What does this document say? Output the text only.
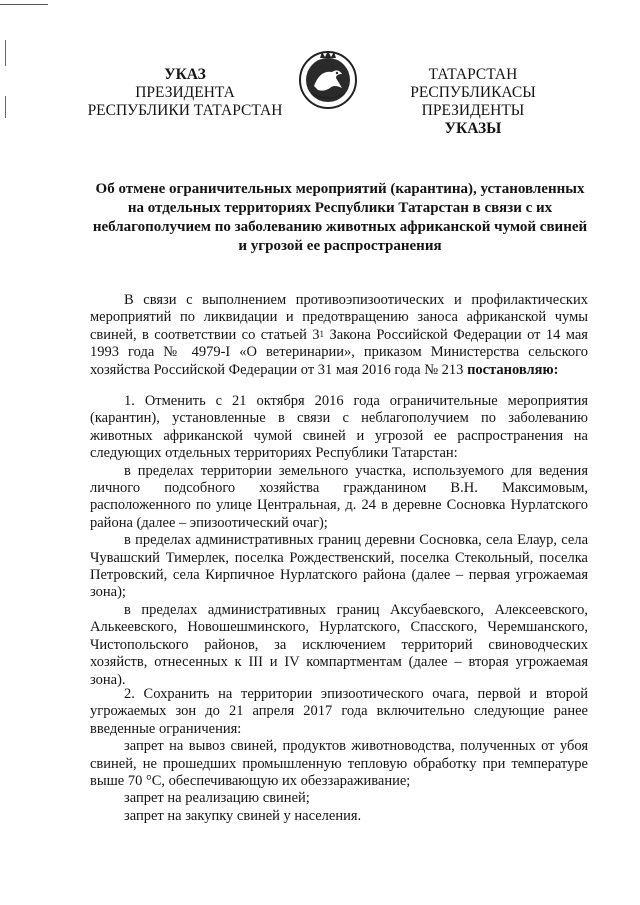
УКАЗ
ПРЕЗИДЕНТА
РЕСПУБЛИКИ ТАТАРСТАН
ТАТАРСТАН РЕСПУБЛИКАСЫ
ПРЕЗИДЕНТЫ
УКАЗЫ
Об отмене ограничительных мероприятий (карантина), установленных на отдельных территориях Республики Татарстан в связи с их неблагополучием по заболеванию животных африканской чумой свиней и угрозой ее распространения

В связи с выполнением противоэпизоотических и профилактических мероприятий по ликвидации и предотвращению заноса африканской чумы свиней, в соответствии со статьей $3^1$ Закона Российской Федерации от 14 мая 1993 года № 4979-I «О ветеринарии», приказом Министерства сельского хозяйства Российской Федерации от 31 мая 2016 года № 213 постановляю:

1. Отменить с 21 октября 2016 года ограничительные мероприятия (карантин), установленные в связи с неблагополучием по заболеванию животных африканской чумой свиней и угрозой ее распространения на следующих отдельных территориях Республики Татарстан:

в пределах территории земельного участка, используемого для ведения личного подсобного хозяйства гражданином В.Н. Максимовым, расположенного по улице Центральная, д. 24 в деревне Сосновка Нурлатского района (далее – эпизоотический очаг);

в пределах административных границ деревни Сосновка, села Елаур, села Чувашский Тимерлек, поселка Рождественский, поселка Стекольный, поселка Петровский, села Кирпичное Нурлатского района (далее – первая угрожаемая зона);

в пределах административных границ Аксубаевского, Алексеевского, Алькеевского, Новошешминского, Нурлатского, Спасского, Черемшанского, Чистопольского районов, за исключением территорий свиноводческих хозяйств, отнесенных к III и IV компартментам (далее – вторая угрожаемая зона).

2. Сохранить на территории эпизоотического очага, первой и второй угрожаемых зон до 21 апреля 2017 года включительно следующие ранее введенные ограничения:

запрет на вывоз свиней, продуктов животноводства, полученных от убоя свиней, не прошедших промышленную тепловую обработку при температуре выше 70 °С, обеспечивающую их обеззараживание;

запрет на реализацию свиней;

запрет на закупку свиней у населения.
